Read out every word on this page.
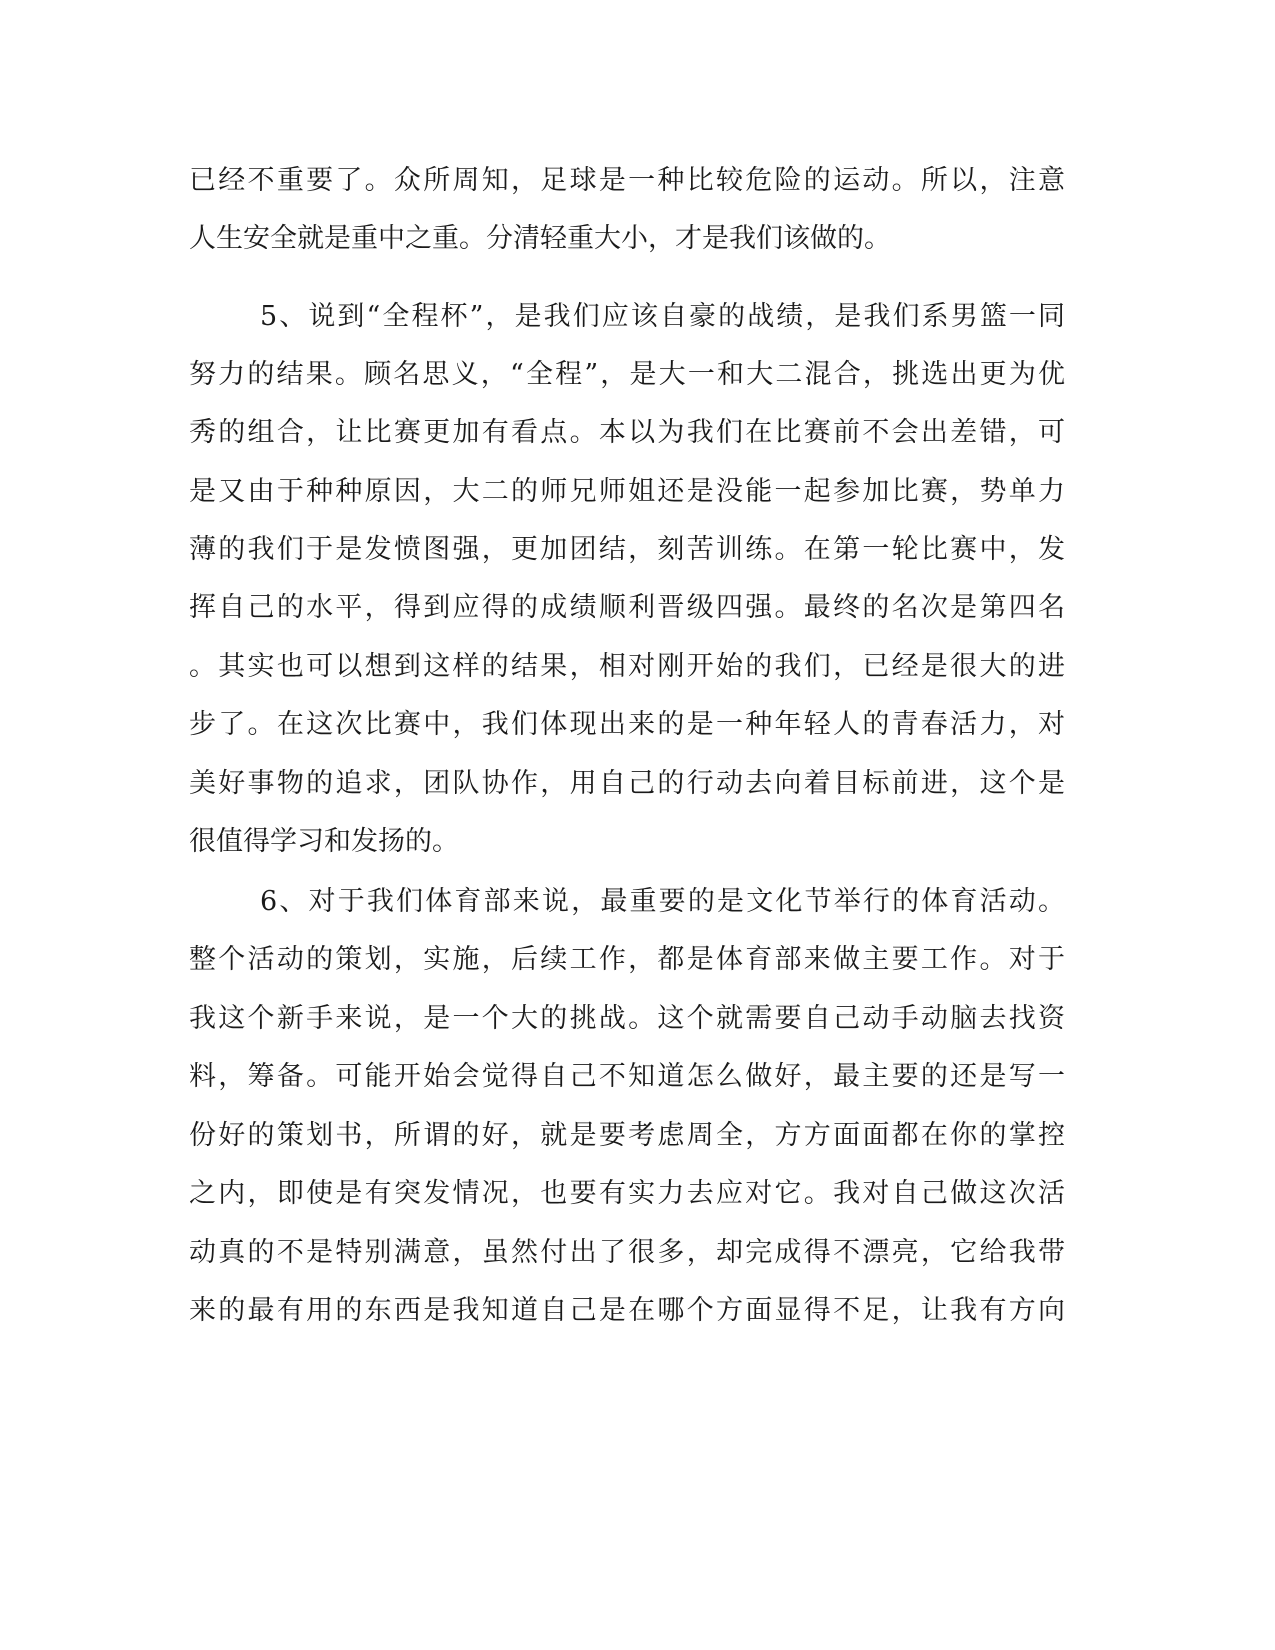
已经不重要了。众所周知，足球是一种比较危险的运动。所以，注意
人生安全就是重中之重。分清轻重大小，才是我们该做的。
5、说到“全程杯”，是我们应该自豪的战绩，是我们系男篮一同
努力的结果。顾名思义，“全程”，是大一和大二混合，挑选出更为优
秀的组合，让比赛更加有看点。本以为我们在比赛前不会出差错，可
是又由于种种原因，大二的师兄师姐还是没能一起参加比赛，势单力
薄的我们于是发愤图强，更加团结，刻苦训练。在第一轮比赛中，发
挥自己的水平，得到应得的成绩顺利晋级四强。最终的名次是第四名
。其实也可以想到这样的结果，相对刚开始的我们，已经是很大的进
步了。在这次比赛中，我们体现出来的是一种年轻人的青春活力，对
美好事物的追求，团队协作，用自己的行动去向着目标前进，这个是
很值得学习和发扬的。
6、对于我们体育部来说，最重要的是文化节举行的体育活动。
整个活动的策划，实施，后续工作，都是体育部来做主要工作。对于
我这个新手来说，是一个大的挑战。这个就需要自己动手动脑去找资
料，筹备。可能开始会觉得自己不知道怎么做好，最主要的还是写一
份好的策划书，所谓的好，就是要考虑周全，方方面面都在你的掌控
之内，即使是有突发情况，也要有实力去应对它。我对自己做这次活
动真的不是特别满意，虽然付出了很多，却完成得不漂亮，它给我带
来的最有用的东西是我知道自己是在哪个方面显得不足，让我有方向
